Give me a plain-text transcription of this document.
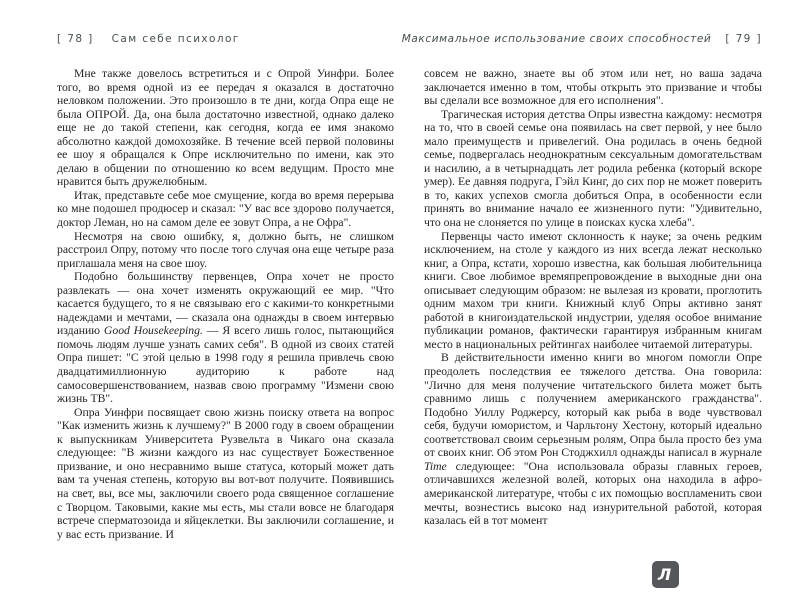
[ 78 ] Сам себе психолог

Мне также довелось встретиться и с Опрой Уинфри. Более того, во время одной из ее передач я оказался в достаточно неловком положении. Это произошло в те дни, когда Опра еще не была ОПРОЙ. Да, она была достаточно известной, однако далеко еще не до такой степени, как сегодня, когда ее имя знакомо абсолютно каждой домохозяйке. В течение всей первой половины ее шоу я обращался к Опре исключительно по имени, как это делаю в общении по отношению ко всем ведущим. Просто мне нравится быть дружелюбным.

Итак, представьте себе мое смущение, когда во время перерыва ко мне подошел продюсер и сказал: "У вас все здорово получается, доктор Леман, но на самом деле ее зовут Опра, а не Офра".

Несмотря на свою ошибку, я, должно быть, не слишком расстроил Опру, потому что после того случая она еще четыре раза приглашала меня на свое шоу.

Подобно большинству первенцев, Опра хочет не просто развлекать — она хочет изменять окружающий ее мир. "Что касается будущего, то я не связываю его с какими-то конкретными надеждами и мечтами, — сказала она однажды в своем интервью изданию Good Housekeeping. — Я всего лишь голос, пытающийся помочь людям лучше узнать самих себя". В одной из своих статей Опра пишет: "С этой целью в 1998 году я решила привлечь свою двадцатимиллионную аудиторию к работе над самосовершенствованием, назвав свою программу "Измени свою жизнь ТВ".

Опра Уинфри посвящает свою жизнь поиску ответа на вопрос "Как изменить жизнь к лучшему?" В 2000 году в своем обращении к выпускникам Университета Рузвельта в Чикаго она сказала следующее: "В жизни каждого из нас существует Божественное призвание, и оно несравнимо выше статуса, который может дать вам та ученая степень, которую вы вот-вот получите. Появившись на свет, вы, все мы, заключили своего рода священное соглашение с Творцом. Таковыми, какие мы есть, мы стали вовсе не благодаря встрече сперматозоида и яйцеклетки. Вы заключили соглашение, и у вас есть призвание. И

Максимальное использование своих способностей [ 79 ]

совсем не важно, знаете вы об этом или нет, но ваша задача заключается именно в том, чтобы открыть это призвание и чтобы вы сделали все возможное для его исполнения".

Трагическая история детства Опры известна каждому: несмотря на то, что в своей семье она появилась на свет первой, у нее было мало преимуществ и привелегий. Она родилась в очень бедной семье, подвергалась неоднократным сексуальным домогательствам и насилию, а в четырнадцать лет родила ребенка (который вскоре умер). Ее давняя подруга, Гэйл Кинг, до сих пор не может поверить в то, каких успехов смогла добиться Опра, в особенности если принять во внимание начало ее жизненного пути: "Удивительно, что она не слоняется по улице в поисках куска хлеба".

Первенцы часто имеют склонность к науке; за очень редким исключением, на столе у каждого из них всегда лежат несколько книг, а Опра, кстати, хорошо известна, как большая любительница книги. Свое любимое времяпрепровождение в выходные дни она описывает следующим образом: не вылезая из кровати, проглотить одним махом три книги. Книжный клуб Опры активно занят работой в книгоиздательской индустрии, уделяя особое внимание публикации романов, фактически гарантируя избранным книгам место в национальных рейтингах наиболее читаемой литературы.

В действительности именно книги во многом помогли Опре преодолеть последствия ее тяжелого детства. Она говорила: "Лично для меня получение читательского билета может быть сравнимо лишь с получением американского гражданства". Подобно Уиллу Роджерсу, который как рыба в воде чувствовал себя, будучи юмористом, и Чарльтону Хестону, который идеально соответствовал своим серьезным ролям, Опра была просто без ума от своих книг. Об этом Рон Стоджхилл однажды написал в журнале Time следующее: "Она использовала образы главных героев, отличавшихся железной волей, которых она находила в афро-американской литературе, чтобы с их помощью воспламенить свои мечты, вознестись высоко над изнурительной работой, которая казалась ей в тот момент

Л
